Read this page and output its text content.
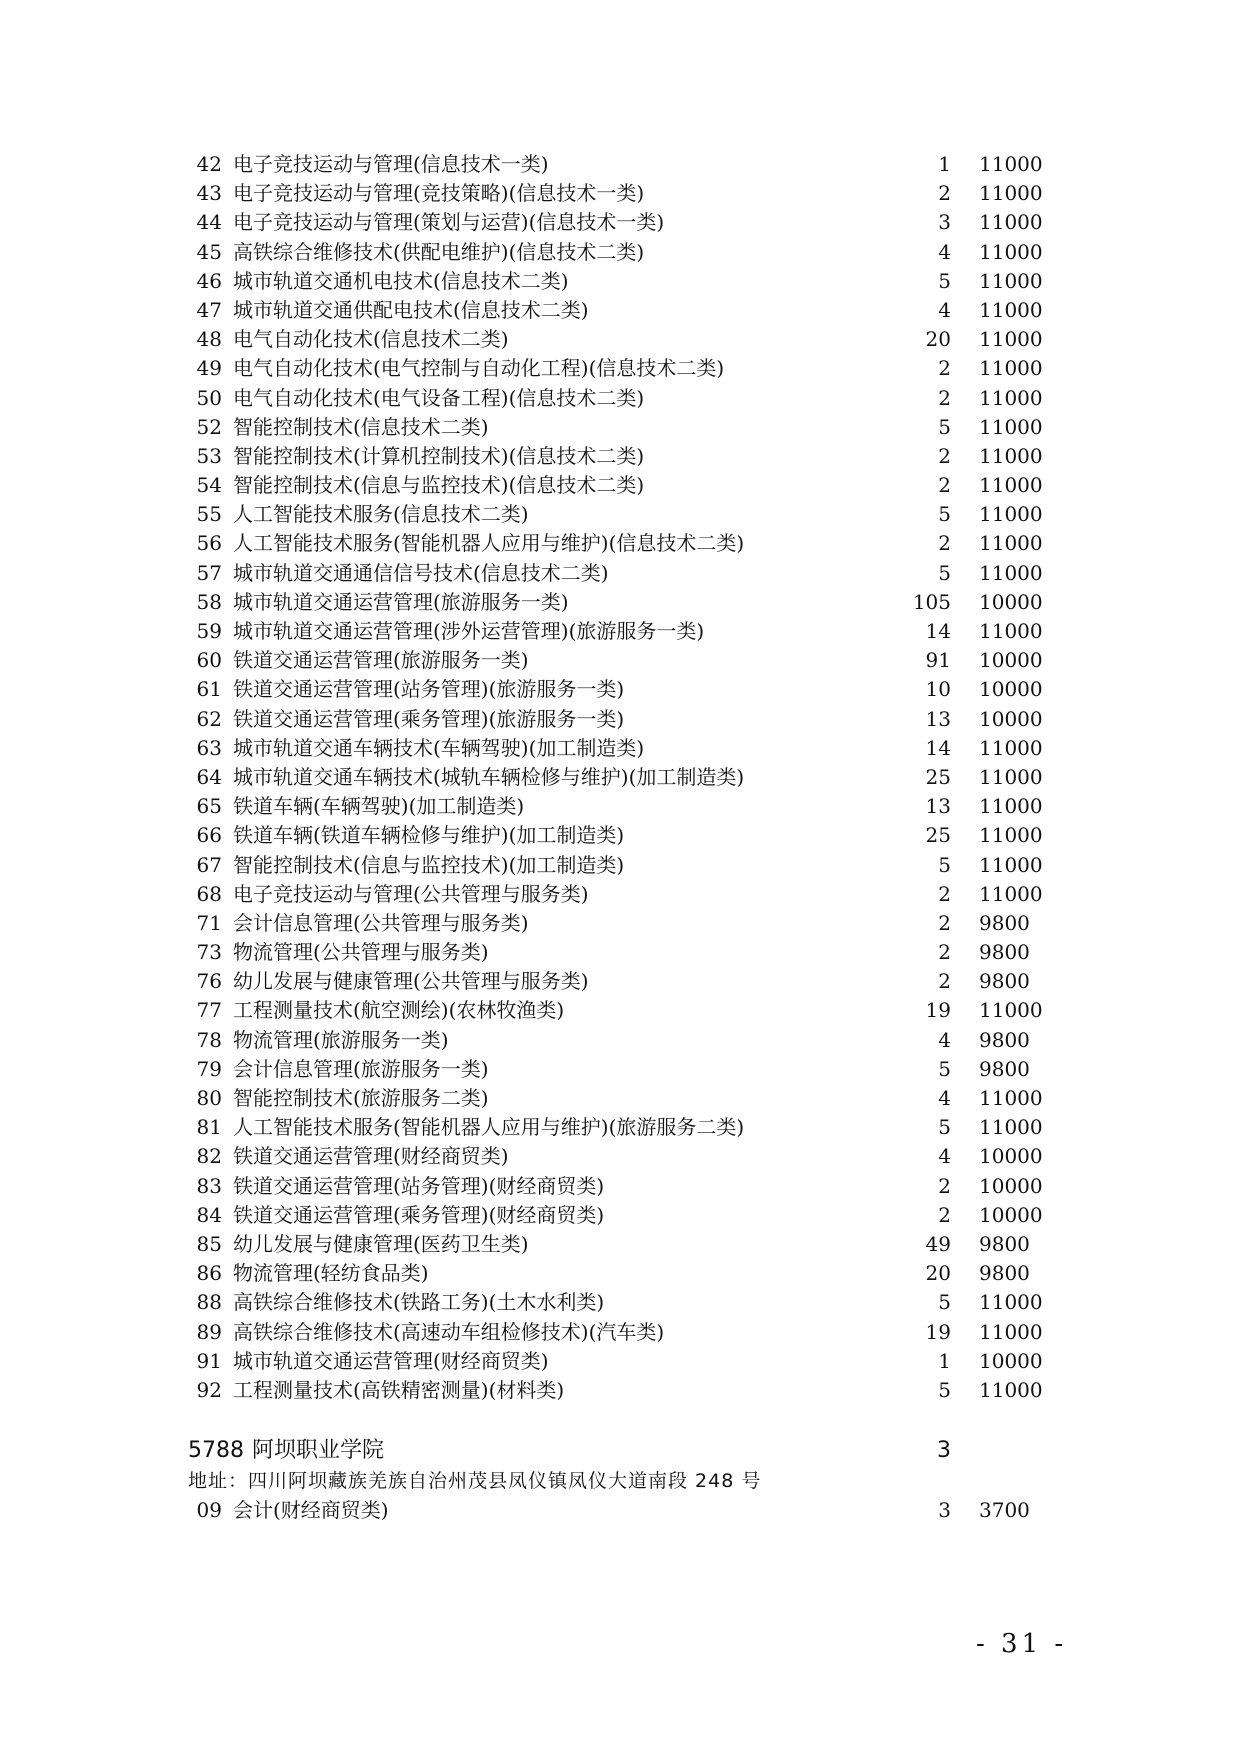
42 电子竞技运动与管理(信息技术一类)	1 11000
43 电子竞技运动与管理(竞技策略)(信息技术一类)	2 11000
44 电子竞技运动与管理(策划与运营)(信息技术一类)	3 11000
45 高铁综合维修技术(供配电维护)(信息技术二类)	4 11000
46 城市轨道交通机电技术(信息技术二类)	5 11000
47 城市轨道交通供配电技术(信息技术二类)	4 11000
48 电气自动化技术(信息技术二类)	20 11000
49 电气自动化技术(电气控制与自动化工程)(信息技术二类)	2 11000
50 电气自动化技术(电气设备工程)(信息技术二类)	2 11000
52 智能控制技术(信息技术二类)	5 11000
53 智能控制技术(计算机控制技术)(信息技术二类)	2 11000
54 智能控制技术(信息与监控技术)(信息技术二类)	2 11000
55 人工智能技术服务(信息技术二类)	5 11000
56 人工智能技术服务(智能机器人应用与维护)(信息技术二类)	2 11000
57 城市轨道交通通信信号技术(信息技术二类)	5 11000
58 城市轨道交通运营管理(旅游服务一类)	105 10000
59 城市轨道交通运营管理(涉外运营管理)(旅游服务一类)	14 11000
60 铁道交通运营管理(旅游服务一类)	91 10000
61 铁道交通运营管理(站务管理)(旅游服务一类)	10 10000
62 铁道交通运营管理(乘务管理)(旅游服务一类)	13 10000
63 城市轨道交通车辆技术(车辆驾驶)(加工制造类)	14 11000
64 城市轨道交通车辆技术(城轨车辆检修与维护)(加工制造类)	25 11000
65 铁道车辆(车辆驾驶)(加工制造类)	13 11000
66 铁道车辆(铁道车辆检修与维护)(加工制造类)	25 11000
67 智能控制技术(信息与监控技术)(加工制造类)	5 11000
68 电子竞技运动与管理(公共管理与服务类)	2 11000
71 会计信息管理(公共管理与服务类)	2 9800
73 物流管理(公共管理与服务类)	2 9800
76 幼儿发展与健康管理(公共管理与服务类)	2 9800
77 工程测量技术(航空测绘)(农林牧渔类)	19 11000
78 物流管理(旅游服务一类)	4 9800
79 会计信息管理(旅游服务一类)	5 9800
80 智能控制技术(旅游服务二类)	4 11000
81 人工智能技术服务(智能机器人应用与维护)(旅游服务二类)	5 11000
82 铁道交通运营管理(财经商贸类)	4 10000
83 铁道交通运营管理(站务管理)(财经商贸类)	2 10000
84 铁道交通运营管理(乘务管理)(财经商贸类)	2 10000
85 幼儿发展与健康管理(医药卫生类)	49 9800
86 物流管理(轻纺食品类)	20 9800
88 高铁综合维修技术(铁路工务)(土木水利类)	5 11000
89 高铁综合维修技术(高速动车组检修技术)(汽车类)	19 11000
91 城市轨道交通运营管理(财经商贸类)	1 10000
92 工程测量技术(高铁精密测量)(材料类)	5 11000
5788 阿坝职业学院	3
地址：四川阿坝藏族羌族自治州茂县凤仪镇凤仪大道南段 248 号
09 会计(财经商贸类)	3 3700
- 31 -
